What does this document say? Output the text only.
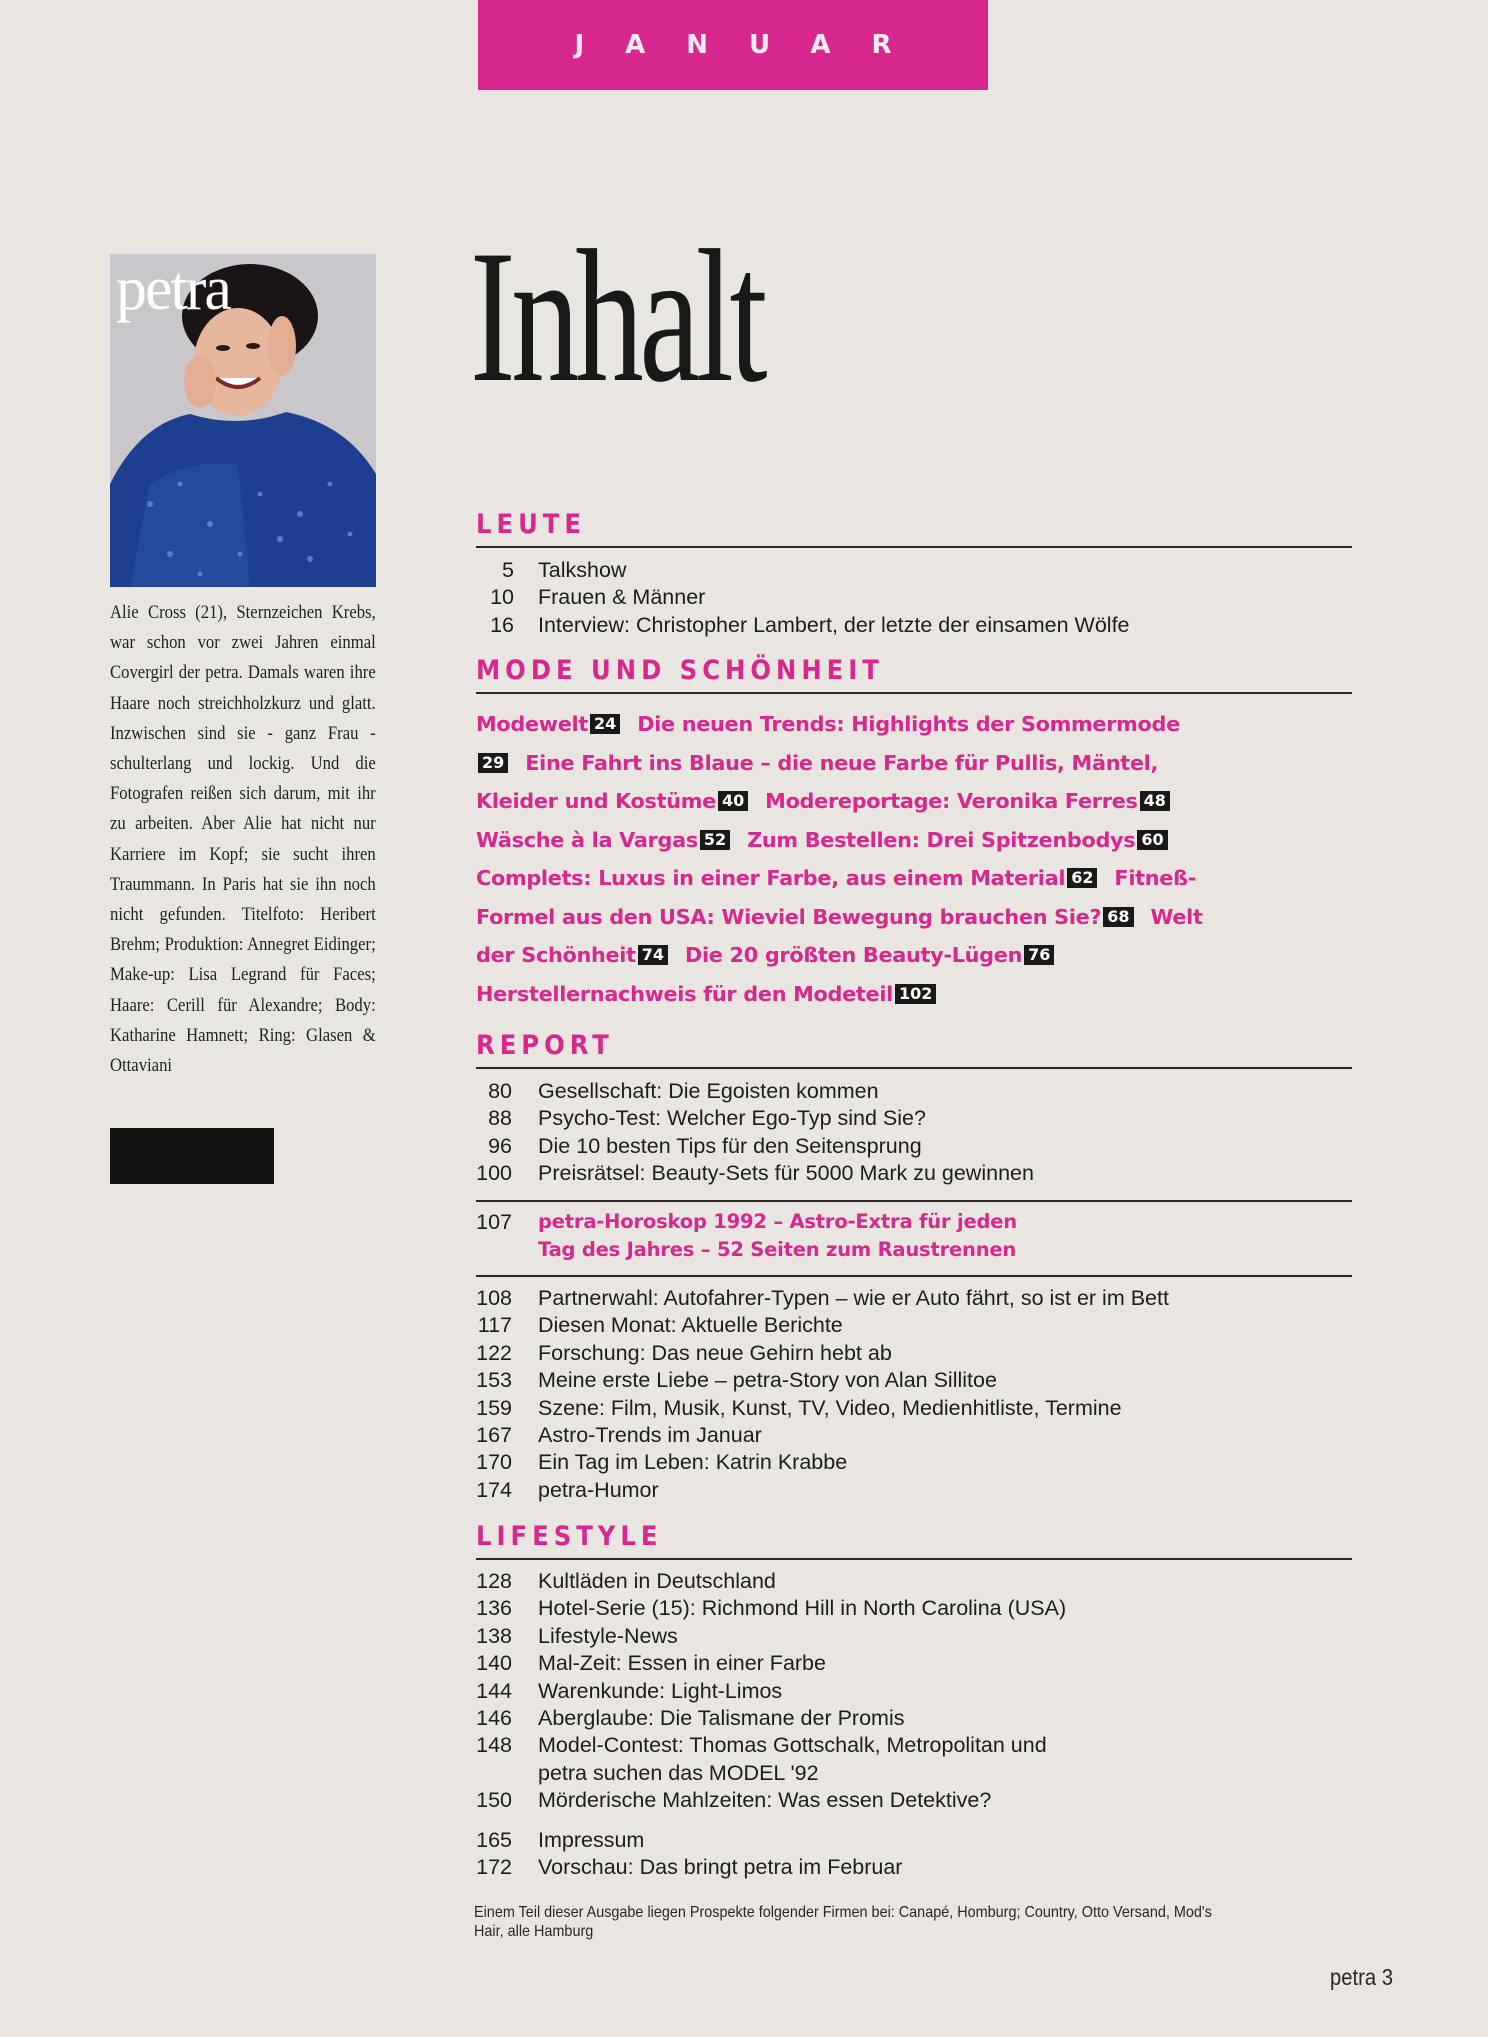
JANUAR
petra

Alie Cross (21), Sternzeichen Krebs, war schon vor zwei Jahren einmal Covergirl der petra. Damals waren ihre Haare noch streichholzkurz und glatt. Inzwischen sind sie - ganz Frau - schulterlang und lockig. Und die Fotografen reißen sich darum, mit ihr zu arbeiten. Aber Alie hat nicht nur Karriere im Kopf; sie sucht ihren Traummann. In Paris hat sie ihn noch nicht gefunden. Titelfoto: Heribert Brehm; Produktion: Annegret Eidinger; Make-up: Lisa Legrand für Faces; Haare: Cerill für Alexandre; Body: Katharine Hamnett; Ring: Glasen & Ottaviani

Inhalt
LEUTE
5 Talkshow
10 Frauen & Männer
16 Interview: Christopher Lambert, der letzte der einsamen Wölfe
MODE UND SCHÖNHEIT
Modewelt 24 Die neuen Trends: Highlights der Sommermode29 Eine Fahrt ins Blaue – die neue Farbe für Pullis, Mäntel, Kleider und Kostüme 40 Modereportage: Veronika Ferres 48 Wäsche à la Vargas 52 Zum Bestellen: Drei Spitzenbodys 60 Complets: Luxus in einer Farbe, aus einem Material 62 Fitneß-Formel aus den USA: Wieviel Bewegung brauchen Sie? 68 Welt der Schönheit 74 Die 20 größten Beauty-Lügen 76 Herstellernachweis für den Modeteil 102
REPORT
80 Gesellschaft: Die Egoisten kommen
88 Psycho-Test: Welcher Ego-Typ sind Sie?
96 Die 10 besten Tips für den Seitensprung
100 Preisrätsel: Beauty-Sets für 5000 Mark zu gewinnen
107 petra-Horoskop 1992 – Astro-Extra für jeden
Tag des Jahres – 52 Seiten zum Raustrennen
108 Partnerwahl: Autofahrer-Typen – wie er Auto fährt, so ist er im Bett
117 Diesen Monat: Aktuelle Berichte
122 Forschung: Das neue Gehirn hebt ab
153 Meine erste Liebe – petra-Story von Alan Sillitoe
159 Szene: Film, Musik, Kunst, TV, Video, Medienhitliste, Termine
167 Astro-Trends im Januar
170 Ein Tag im Leben: Katrin Krabbe
174 petra-Humor
LIFESTYLE
128 Kultläden in Deutschland
136 Hotel-Serie (15): Richmond Hill in North Carolina (USA)
138 Lifestyle-News
140 Mal-Zeit: Essen in einer Farbe
144 Warenkunde: Light-Limos
146 Aberglaube: Die Talismane der Promis
148 Model-Contest: Thomas Gottschalk, Metropolitan und petra suchen das MODEL '92
150 Mörderische Mahlzeiten: Was essen Detektive?
165 Impressum
172 Vorschau: Das bringt petra im Februar
Einem Teil dieser Ausgabe liegen Prospekte folgender Firmen bei: Canapé, Homburg; Country, Otto Versand, Mod's Hair, alle Hamburg
petra 3
